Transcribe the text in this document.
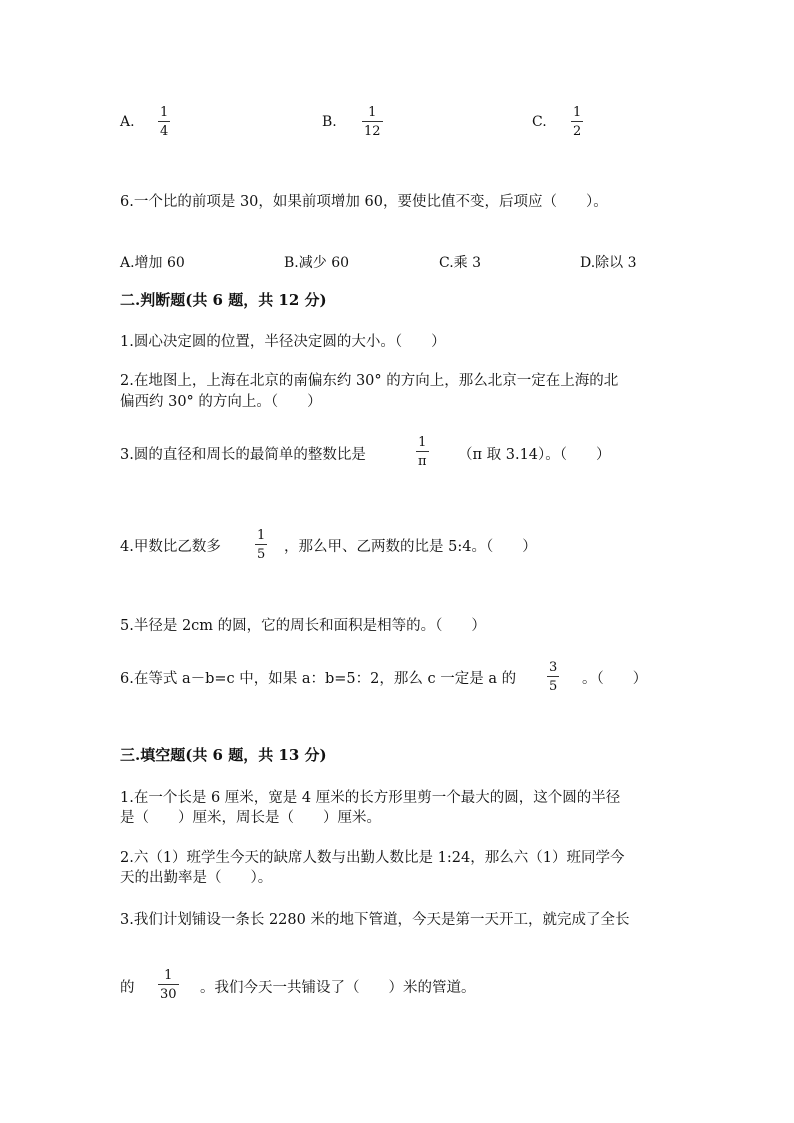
A.
1
4
B.
1
12
C.
1
2
6.一个比的前项是 30，如果前项增加 60，要使比值不变，后项应（　　）。
A.增加 60	B.减少 60	C.乘 3	D.除以 3
二.判断题(共 6 题，共 12 分)
1.圆心决定圆的位置，半径决定圆的大小。（　　）
2.在地图上，上海在北京的南偏东约 30° 的方向上，那么北京一定在上海的北
偏西约 30° 的方向上。（　　）
3.圆的直径和周长的最简单的整数比是
1
π （π 取 3.14）。（　　）
4.甲数比乙数多
1
5 ，那么甲、乙两数的比是 5:4。（　　）
5.半径是 2cm 的圆，它的周长和面积是相等的。（　　）
6.在等式 a－b=c 中，如果 a：b=5：2，那么 c 一定是 a 的
3
5 。（　　）
三.填空题(共 6 题，共 13 分)
1.在一个长是 6 厘米，宽是 4 厘米的长方形里剪一个最大的圆，这个圆的半径
是（　　）厘米，周长是（　　）厘米。
2.六（1）班学生今天的缺席人数与出勤人数比是 1:24，那么六（1）班同学今
天的出勤率是（　　）。
3.我们计划铺设一条长 2280 米的地下管道，今天是第一天开工，就完成了全长
的
1
30 。我们今天一共铺设了（　　）米的管道。
